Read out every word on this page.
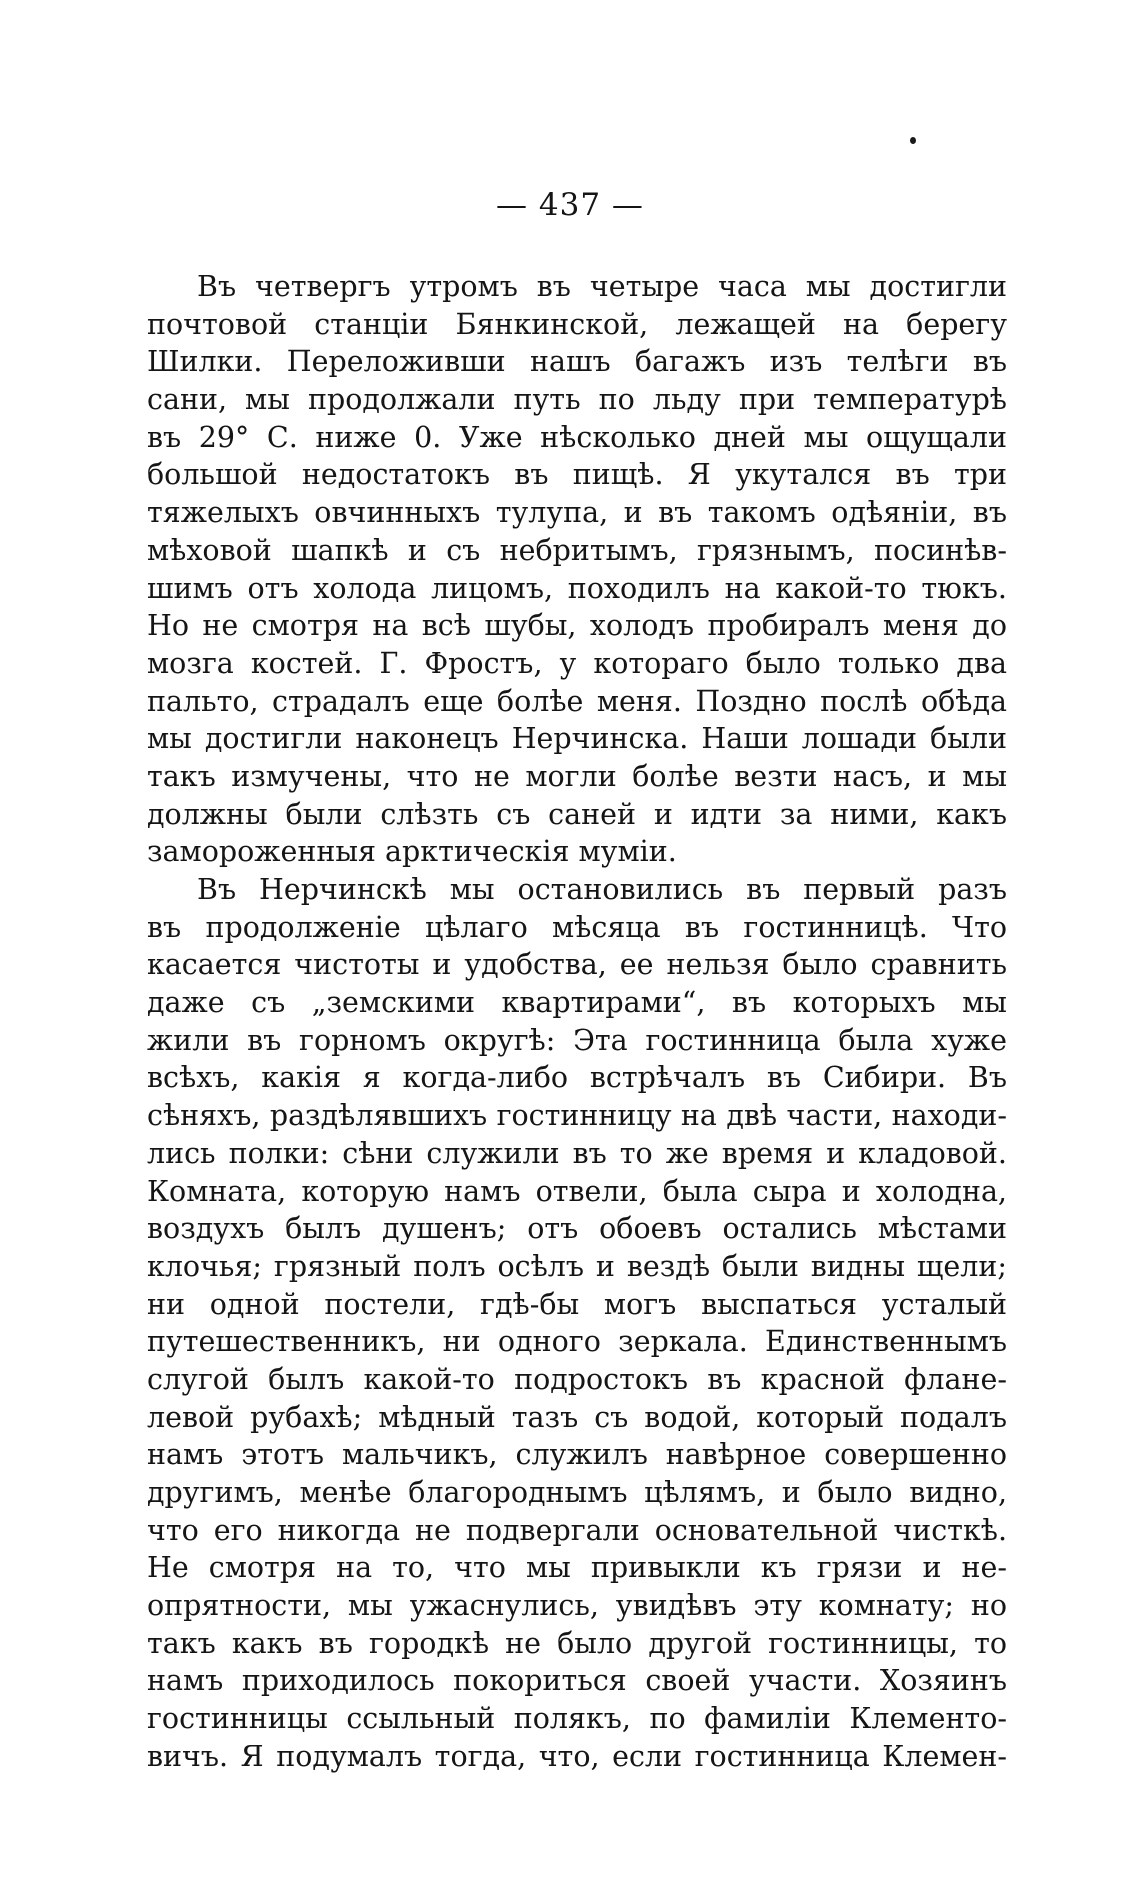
— 437 —
Въ четвергъ утромъ въ четыре часа мы достигли
почтовой станціи Бянкинской, лежащей на берегу
Шилки. Переложивши нашъ багажъ изъ телѣги въ
сани, мы продолжали путь по льду при температурѣ
въ 29° С. ниже 0. Уже нѣсколько дней мы ощущали
большой недостатокъ въ пищѣ. Я укутался въ три
тяжелыхъ овчинныхъ тулупа, и въ такомъ одѣяніи, въ
мѣховой шапкѣ и съ небритымъ, грязнымъ, посинѣв-
шимъ отъ холода лицомъ, походилъ на какой-то тюкъ.
Но не смотря на всѣ шубы, холодъ пробиралъ меня до
мозга костей. Г. Фростъ, у котораго было только два
пальто, страдалъ еще болѣе меня. Поздно послѣ обѣда
мы достигли наконецъ Нерчинска. Наши лошади были
такъ измучены, что не могли болѣе везти насъ, и мы
должны были слѣзть съ саней и идти за ними, какъ
замороженныя арктическія муміи.
Въ Нерчинскѣ мы остановились въ первый разъ
въ продолженіе цѣлаго мѣсяца въ гостинницѣ. Что
касается чистоты и удобства, ее нельзя было сравнить
даже съ „земскими квартирами“, въ которыхъ мы
жили въ горномъ округѣ: Эта гостинница была хуже
всѣхъ, какія я когда-либо встрѣчалъ въ Сибири. Въ
сѣняхъ, раздѣлявшихъ гостинницу на двѣ части, находи-
лись полки: сѣни служили въ то же время и кладовой.
Комната, которую намъ отвели, была сыра и холодна,
воздухъ былъ душенъ; отъ обоевъ остались мѣстами
клочья; грязный полъ осѣлъ и вездѣ были видны щели;
ни одной постели, гдѣ-бы могъ выспаться усталый
путешественникъ, ни одного зеркала. Единственнымъ
слугой былъ какой-то подростокъ въ красной флане-
левой рубахѣ; мѣдный тазъ съ водой, который подалъ
намъ этотъ мальчикъ, служилъ навѣрное совершенно
другимъ, менѣе благороднымъ цѣлямъ, и было видно,
что его никогда не подвергали основательной чисткѣ.
Не смотря на то, что мы привыкли къ грязи и не-
опрятности, мы ужаснулись, увидѣвъ эту комнату; но
такъ какъ въ городкѣ не было другой гостинницы, то
намъ приходилось покориться своей участи. Хозяинъ
гостинницы ссыльный полякъ, по фамиліи Клементо-
вичъ. Я подумалъ тогда, что, если гостинница Клемен-
